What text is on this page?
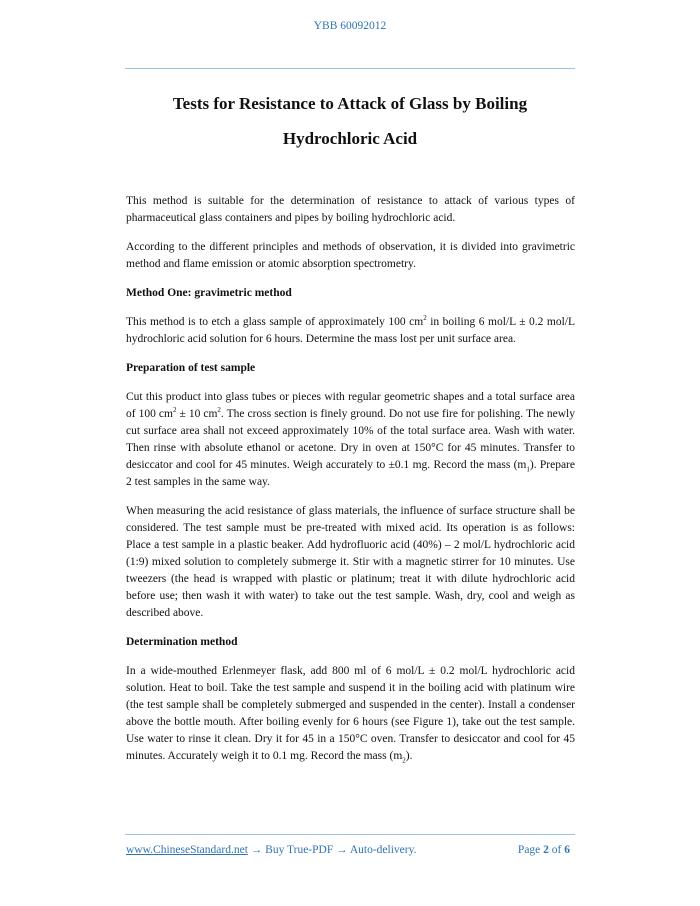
YBB 60092012
Tests for Resistance to Attack of Glass by Boiling
Hydrochloric Acid

This method is suitable for the determination of resistance to attack of various types of pharmaceutical glass containers and pipes by boiling hydrochloric acid.

According to the different principles and methods of observation, it is divided into gravimetric method and flame emission or atomic absorption spectrometry.

Method One: gravimetric method

This method is to etch a glass sample of approximately 100 $cm^2$ in boiling 6 mol/L ± 0.2 mol/L hydrochloric acid solution for 6 hours. Determine the mass lost per unit surface area.

Preparation of test sample

Cut this product into glass tubes or pieces with regular geometric shapes and a total surface area of 100 $cm^2 \pm 10$ $cm^2$. The cross section is finely ground. Do not use fire for polishing. The newly cut surface area shall not exceed approximately 10% of the total surface area. Wash with water. Then rinse with absolute ethanol or acetone. Dry in oven at 150°C for 45 minutes. Transfer to desiccator and cool for 45 minutes. Weigh accurately to ±0.1 mg. Record the mass $(m_1)$. Prepare 2 test samples in the same way.

When measuring the acid resistance of glass materials, the influence of surface structure shall be considered. The test sample must be pre-treated with mixed acid. Its operation is as follows: Place a test sample in a plastic beaker. Add hydrofluoric acid (40%) – 2 mol/L hydrochloric acid (1:9) mixed solution to completely submerge it. Stir with a magnetic stirrer for 10 minutes. Use tweezers (the head is wrapped with plastic or platinum; treat it with dilute hydrochloric acid before use; then wash it with water) to take out the test sample. Wash, dry, cool and weigh as described above.

Determination method

In a wide-mouthed Erlenmeyer flask, add 800 ml of 6 mol/L ± 0.2 mol/L hydrochloric acid solution. Heat to boil. Take the test sample and suspend it in the boiling acid with platinum wire (the test sample shall be completely submerged and suspended in the center). Install a condenser above the bottle mouth. After boiling evenly for 6 hours (see Figure 1), take out the test sample. Use water to rinse it clean. Dry it for 45 in a 150°C oven. Transfer to desiccator and cool for 45 minutes. Accurately weigh it to 0.1 mg. Record the mass $(m_2)$.

www.ChineseStandard.net → Buy True-PDF → Auto-delivery.	Page 2 of 6
